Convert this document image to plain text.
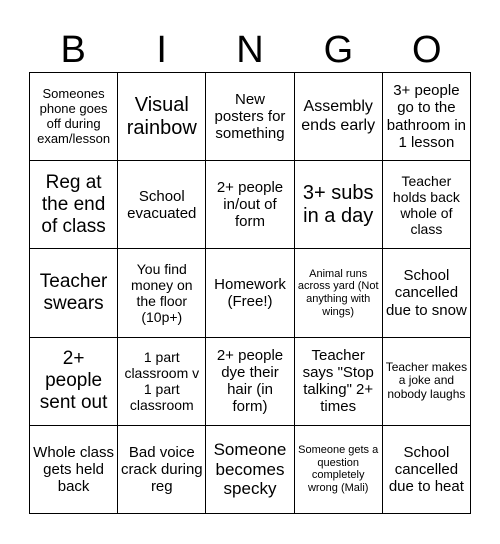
B	I	N	G	O
Someones phone goes off during exam/lesson
Visual rainbow
New posters for something
Assembly ends early
3+ people go to the bathroom in 1 lesson
Reg at the end of class
School evacuated
2+ people in/out of form
3+ subs in a day
Teacher holds back whole of class
Teacher swears
You find money on the floor (10p+)
Homework (Free!)
Animal runs across yard (Not anything with wings)
School cancelled due to snow
2+ people sent out
1 part classroom v 1 part classroom
2+ people dye their hair (in form)
Teacher says "Stop talking" 2+ times
Teacher makes a joke and nobody laughs
Whole class gets held back
Bad voice crack during reg
Someone becomes specky
Someone gets a question completely wrong (Mali)
School cancelled due to heat
